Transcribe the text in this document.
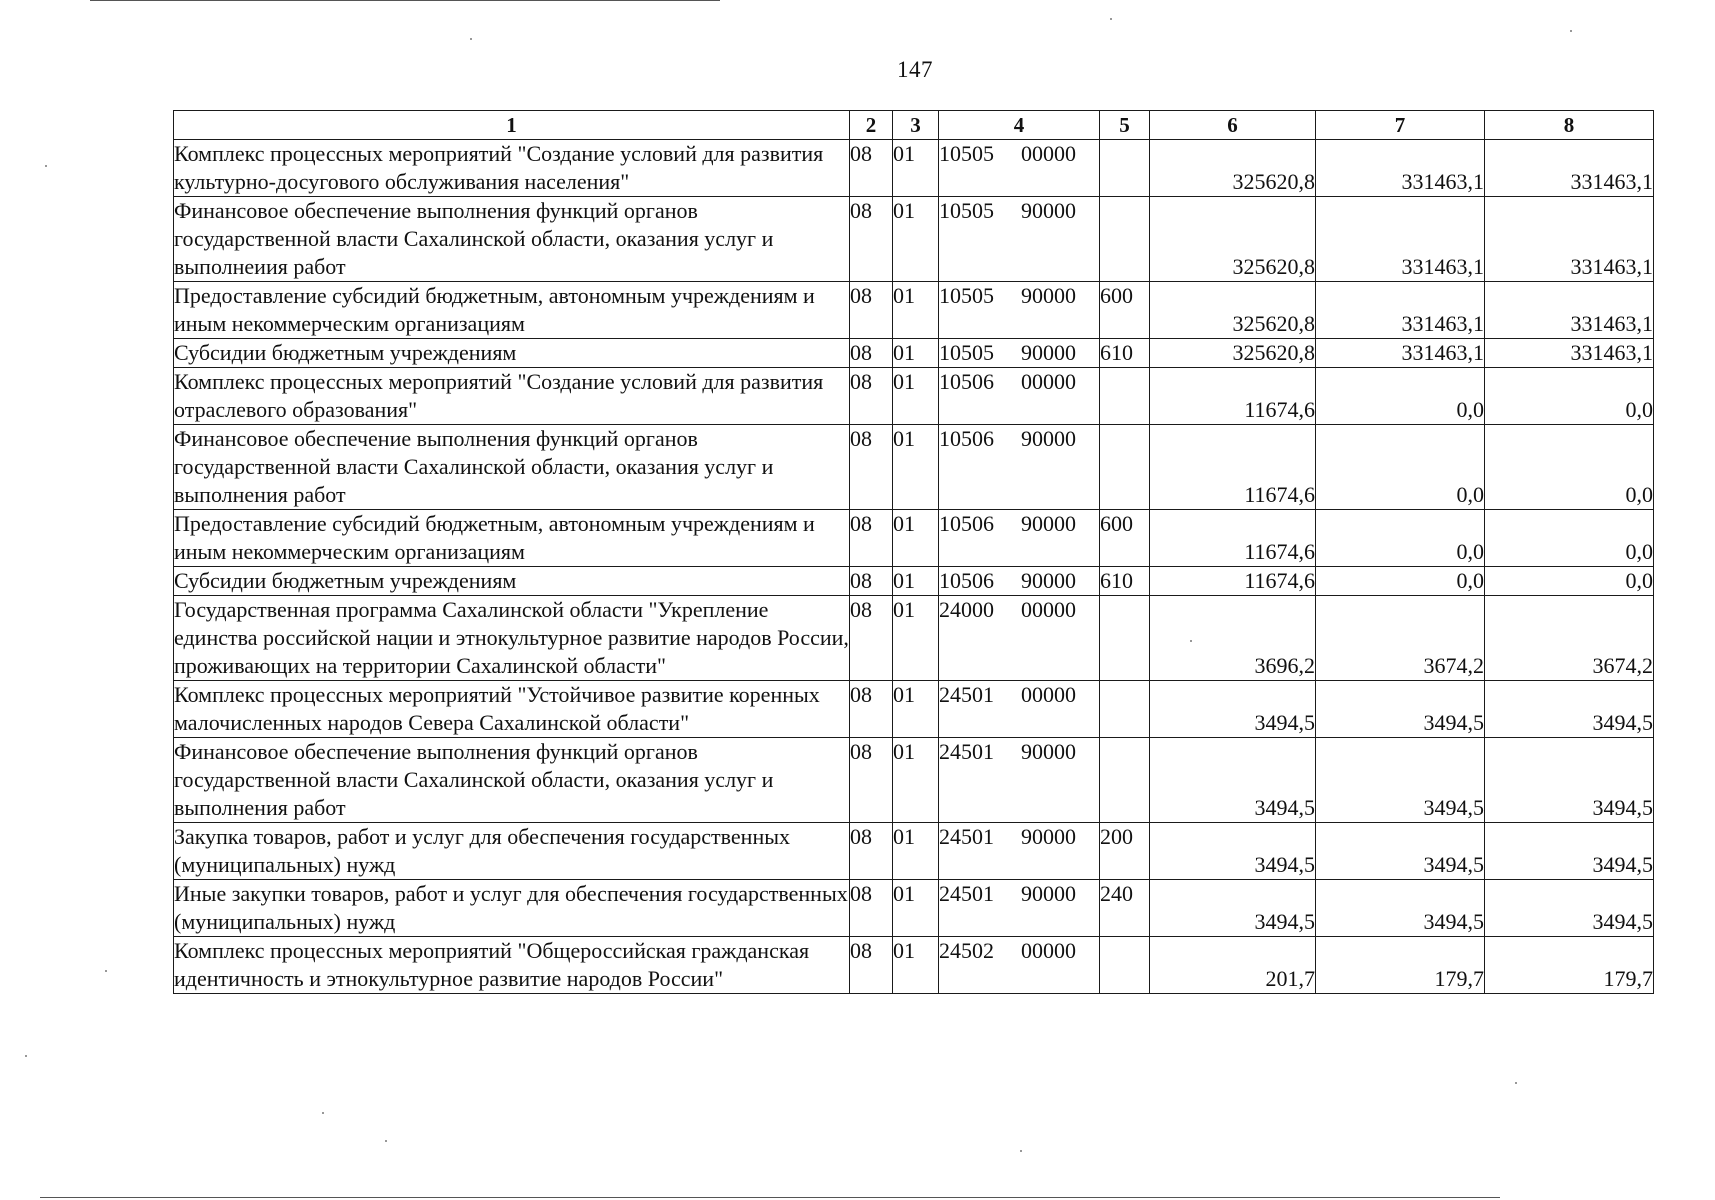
147
1	2	3	4	5	6	7	8
Комплекс процессных мероприятий "Создание условий для развития культурно-досугового обслуживания населения"	08	01	10505 00000		325620,8	331463,1	331463,1
Финансовое обеспечение выполнения функций органов государственной власти Сахалинской области, оказания услуг и выполнеиия работ	08	01	10505 90000		325620,8	331463,1	331463,1
Предоставление субсидий бюджетным, автономным учреждениям и иным некоммерческим организациям	08	01	10505 90000	600	325620,8	331463,1	331463,1
Субсидии бюджетным учреждениям	08	01	10505 90000	610	325620,8	331463,1	331463,1
Комплекс процессных мероприятий "Создание условий для развития отраслевого образования"	08	01	10506 00000		11674,6	0,0	0,0
Финансовое обеспечение выполнения функций органов государственной власти Сахалинской области, оказания услуг и выполнения работ	08	01	10506 90000		11674,6	0,0	0,0
Предоставление субсидий бюджетным, автономным учреждениям и иным некоммерческим организациям	08	01	10506 90000	600	11674,6	0,0	0,0
Субсидии бюджетным учреждениям	08	01	10506 90000	610	11674,6	0,0	0,0
Государственная программа Сахалинской области "Укрепление единства российской нации и этнокультурное развитие народов России, проживающих на территории Сахалинской области"	08	01	24000 00000		3696,2	3674,2	3674,2
Комплекс процессных мероприятий "Устойчивое развитие коренных малочисленных народов Севера Сахалинской области"	08	01	24501 00000		3494,5	3494,5	3494,5
Финансовое обеспечение выполнения функций органов государственной власти Сахалинской области, оказания услуг и выполнения работ	08	01	24501 90000		3494,5	3494,5	3494,5
Закупка товаров, работ и услуг для обеспечения государственных (муниципальных) нужд	08	01	24501 90000	200	3494,5	3494,5	3494,5
Иные закупки товаров, работ и услуг для обеспечения государственных (муниципальных) нужд	08	01	24501 90000	240	3494,5	3494,5	3494,5
Комплекс процессных мероприятий "Общероссийская гражданская идентичность и этнокультурное развитие народов России"	08	01	24502 00000		201,7	179,7	179,7
